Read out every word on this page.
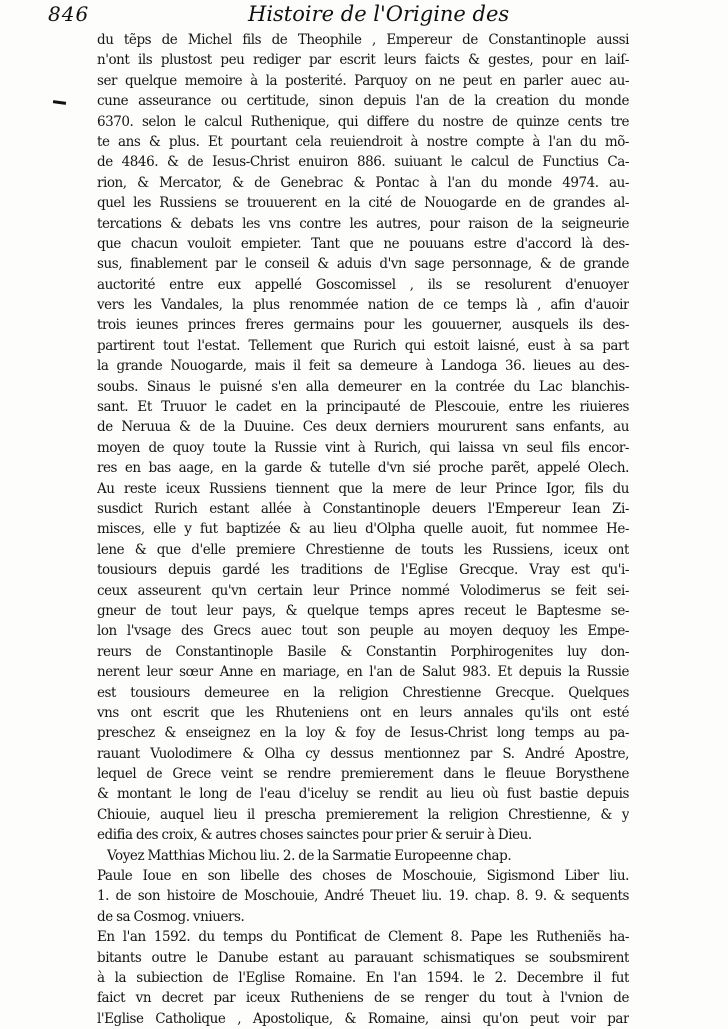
846	Histoire de l'Origine des
du tẽps de Michel fils de Theophile , Empereur de Constantinople aussi
n'ont ils plustost peu rediger par escrit leurs faicts & gestes, pour en laiſ-
ser quelque memoire à la posterité. Parquoy on ne peut en parler auec au-
cune asseurance ou certitude, sinon depuis l'an de la creation du monde
6370. selon le calcul Ruthenique, qui differe du nostre de quinze cents tre
te ans & plus. Et pourtant cela reuiendroit à nostre compte à l'an du mõ-
de 4846. & de Iesus-Christ enuiron 886. suiuant le calcul de Functius Ca-
rion, & Mercator, & de Genebrac & Pontac à l'an du monde 4974. au-
quel les Russiens se trouuerent en la cité de Nouogarde en de grandes al-
tercations & debats les vns contre les autres, pour raison de la seigneurie
que chacun vouloit empieter. Tant que ne pouuans estre d'accord là des-
sus, finablement par le conseil & aduis d'vn sage personnage, & de grande
auctorité entre eux appellé Goscomissel , ils se resolurent d'enuoyer
vers les Vandales, la plus renommée nation de ce temps là , afin d'auoir
trois ieunes princes freres germains pour les gouuerner, ausquels ils des-
partirent tout l'estat. Tellement que Rurich qui estoit laisné, eust à sa part
la grande Nouogarde, mais il feit sa demeure à Landoga 36. lieues au des-
soubs. Sinaus le puisné s'en alla demeurer en la contrée du Lac blanchis-
sant. Et Truuor le cadet en la principauté de Plescouie, entre les riuieres
de Neruua & de la Duuine. Ces deux derniers moururent sans enfants, au
moyen de quoy toute la Russie vint à Rurich, qui laissa vn seul fils encor-
res en bas aage, en la garde & tutelle d'vn sié proche parẽt, appelé Olech.
Au reste iceux Russiens tiennent que la mere de leur Prince Igor, fils du
susdict Rurich estant allée à Constantinople deuers l'Empereur Iean Zi-
misces, elle y fut baptizée & au lieu d'Olpha quelle auoit, fut nommee He-
lene & que d'elle premiere Chrestienne de touts les Russiens, iceux ont
tousiours depuis gardé les traditions de l'Eglise Grecque. Vray est qu'i-
ceux asseurent qu'vn certain leur Prince nommé Volodimerus se feit sei-
gneur de tout leur pays, & quelque temps apres receut le Baptesme se-
lon l'vsage des Grecs auec tout son peuple au moyen dequoy les Empe-
reurs de Constantinople Basile & Constantin Porphirogenites luy don-
nerent leur sœur Anne en mariage, en l'an de Salut 983. Et depuis la Russie
est tousiours demeuree en la religion Chrestienne Grecque. Quelques
vns ont escrit que les Rhuteniens ont en leurs annales qu'ils ont esté
preschez & enseignez en la loy & foy de Iesus-Christ long temps au pa-
rauant Vuolodimere & Olha cy dessus mentionnez par S. André Apostre,
lequel de Grece veint se rendre premierement dans le fleuue Borysthene
& montant le long de l'eau d'iceluy se rendit au lieu où fust bastie depuis
Chiouie, auquel lieu il prescha premierement la religion Chrestienne, & y
edifia des croix, & autres choses sainctes pour prier & seruir à Dieu.
Voyez Matthias Michou liu. 2. de la Sarmatie Europeenne chap.
Paule Ioue en son libelle des choses de Moschouie, Sigismond Liber liu.
1. de son histoire de Moschouie, André Theuet liu. 19. chap. 8. 9. & sequents
de sa Cosmog. vniuers.
En l'an 1592. du temps du Pontificat de Clement 8. Pape les Rutheniẽs ha-
bitants outre le Danube estant au parauant schismatiques se soubsmirent
à la subiection de l'Eglise Romaine. En l'an 1594. le 2. Decembre il fut
faict vn decret par iceux Rutheniens de se renger du tout à l'vnion de
l'Eglise Catholique , Apostolique, & Romaine, ainsi qu'on peut voir par
